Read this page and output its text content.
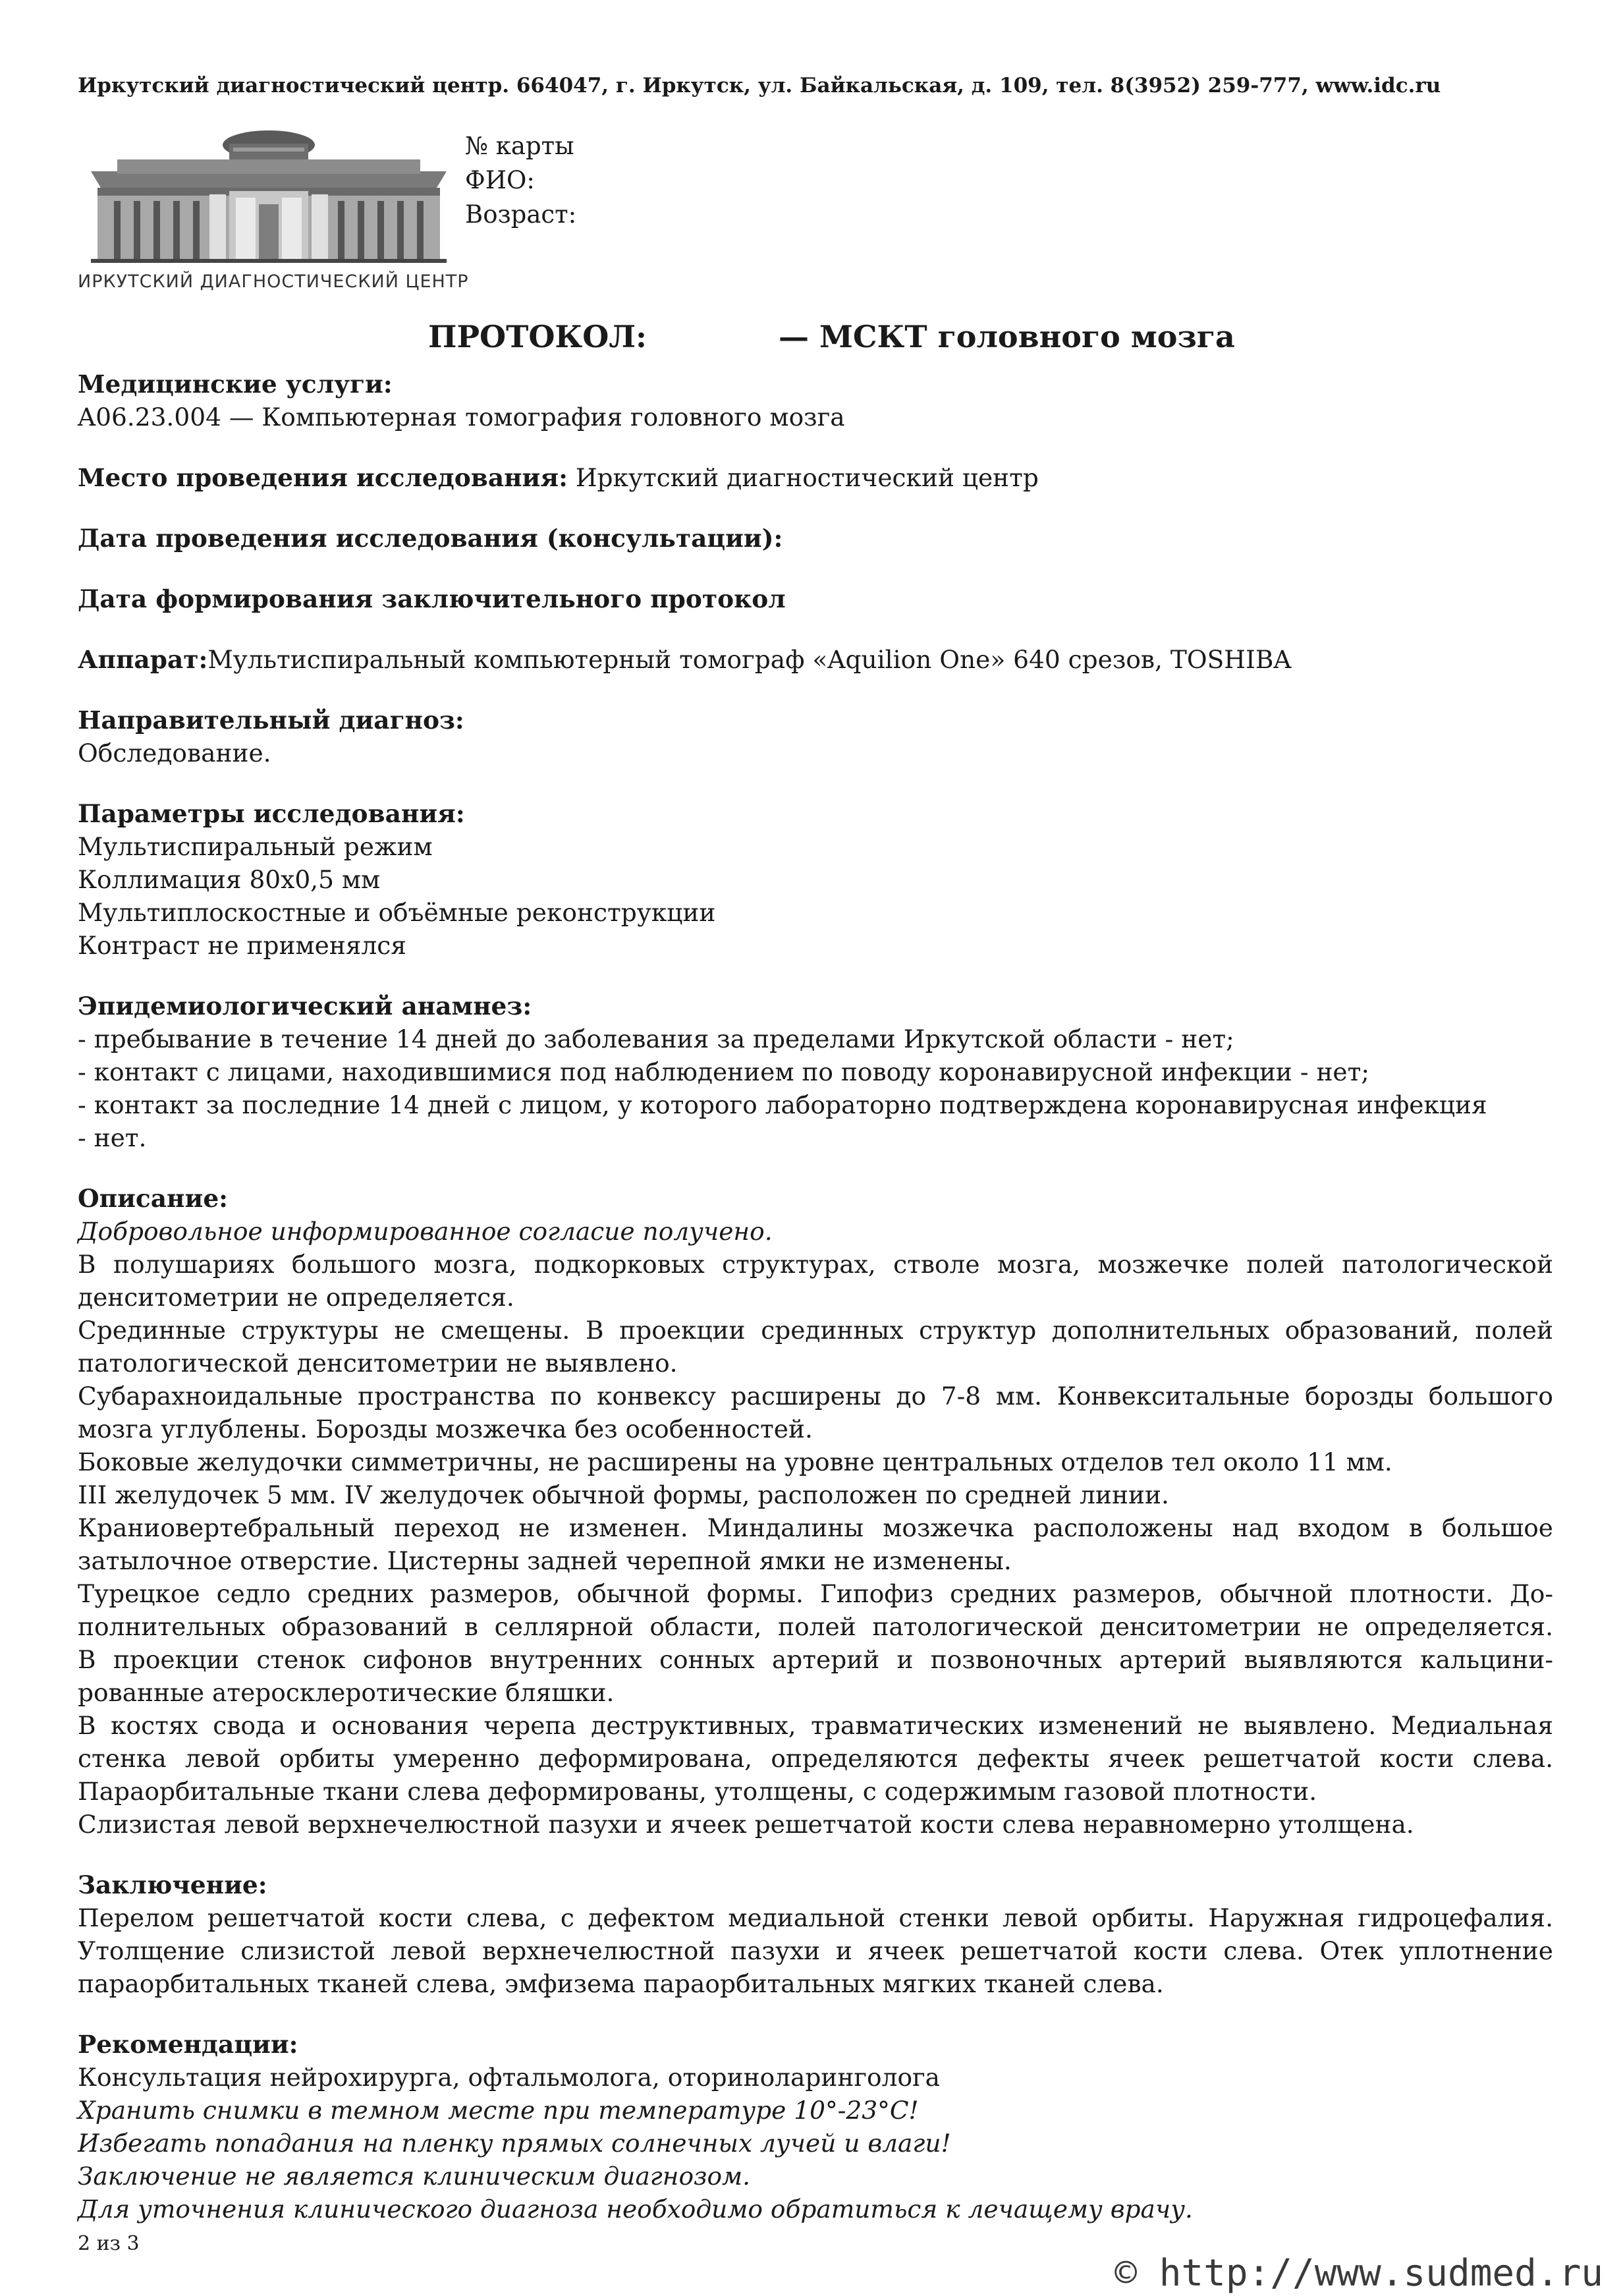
Иркутский диагностический центр. 664047, г. Иркутск, ул. Байкальская, д. 109, тел. 8(3952) 259-777, www.idc.ru
ИРКУТСКИЙ ДИАГНОСТИЧЕСКИЙ ЦЕНТР
№ карты
ФИО:
Возраст:
ПРОТОКОЛ:	— МСКТ головного мозга

Медицинские услуги:

A06.23.004 — Компьютерная томография головного мозга

Место проведения исследования: Иркутский диагностический центр

Дата проведения исследования (консультации):

Дата формирования заключительного протокол

Аппарат:Мультиспиральный компьютерный томограф «Aquilion One» 640 срезов, TOSHIBA

Направительный диагноз:

Обследование.

Параметры исследования:

Мультиспиральный режим

Коллимация 80х0,5 мм

Мультиплоскостные и объёмные реконструкции

Контраст не применялся

Эпидемиологический анамнез:

- пребывание в течение 14 дней до заболевания за пределами Иркутской области - нет;

- контакт с лицами, находившимися под наблюдением по поводу коронавирусной инфекции - нет;

- контакт за последние 14 дней с лицом, у которого лабораторно подтверждена коронавирусная инфекция

- нет.

Описание:

Добровольное информированное согласие получено.

В полушариях большого мозга, подкорковых структурах, стволе мозга, мозжечке полей патологической

денситометрии не определяется.

Срединные структуры не смещены. В проекции срединных структур дополнительных образований, полей

патологической денситометрии не выявлено.

Субарахноидальные пространства по конвексу расширены до 7-8 мм. Конвекситальные борозды большого

мозга углублены. Борозды мозжечка без особенностей.

Боковые желудочки симметричны, не расширены на уровне центральных отделов тел около 11 мм.

III желудочек 5 мм. IV желудочек обычной формы, расположен по средней линии.

Краниовертебральный переход не изменен. Миндалины мозжечка расположены над входом в большое

затылочное отверстие. Цистерны задней черепной ямки не изменены.

Турецкое седло средних размеров, обычной формы. Гипофиз средних размеров, обычной плотности. До-

полнительных образований в селлярной области, полей патологической денситометрии не определяется.

В проекции стенок сифонов внутренних сонных артерий и позвоночных артерий выявляются кальцини-

рованные атеросклеротические бляшки.

В костях свода и основания черепа деструктивных, травматических изменений не выявлено. Медиальная

стенка левой орбиты умеренно деформирована, определяются дефекты ячеек решетчатой кости слева.

Параорбитальные ткани слева деформированы, утолщены, с содержимым газовой плотности.

Слизистая левой верхнечелюстной пазухи и ячеек решетчатой кости слева неравномерно утолщена.

Заключение:

Перелом решетчатой кости слева, с дефектом медиальной стенки левой орбиты. Наружная гидроцефалия.

Утолщение слизистой левой верхнечелюстной пазухи и ячеек решетчатой кости слева. Отек уплотнение

параорбитальных тканей слева, эмфизема параорбитальных мягких тканей слева.

Рекомендации:

Консультация нейрохирурга, офтальмолога, оториноларинголога

Хранить снимки в темном месте при температуре 10°-23°С!

Избегать попадания на пленку прямых солнечных лучей и влаги!

Заключение не является клиническим диагнозом.

Для уточнения клинического диагноза необходимо обратиться к лечащему врачу.

2 из 3
© http://www.sudmed.ru
